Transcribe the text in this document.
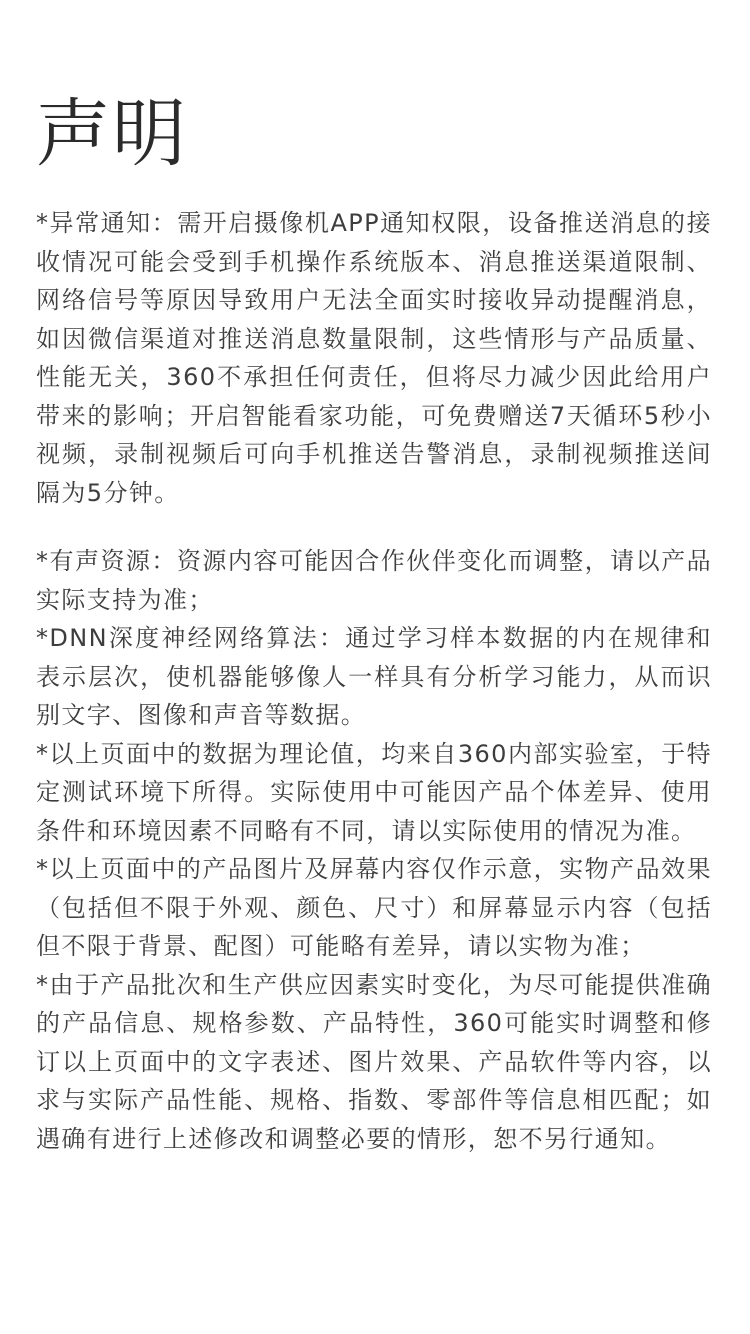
声明

*异常通知：需开启摄像机APP通知权限，设备推送消息的接收情况可能会受到手机操作系统版本、消息推送渠道限制、网络信号等原因导致用户无法全面实时接收异动提醒消息，如因微信渠道对推送消息数量限制，这些情形与产品质量、性能无关，360不承担任何责任，但将尽力减少因此给用户带来的影响；开启智能看家功能，可免费赠送7天循环5秒小视频，录制视频后可向手机推送告警消息，录制视频推送间隔为5分钟。

*有声资源：资源内容可能因合作伙伴变化而调整，请以产品实际支持为准；

*DNN深度神经网络算法：通过学习样本数据的内在规律和表示层次，使机器能够像人一样具有分析学习能力，从而识别文字、图像和声音等数据。

*以上页面中的数据为理论值，均来自360内部实验室，于特定测试环境下所得。实际使用中可能因产品个体差异、使用条件和环境因素不同略有不同，请以实际使用的情况为准。

*以上页面中的产品图片及屏幕内容仅作示意，实物产品效果（包括但不限于外观、颜色、尺寸）和屏幕显示内容（包括但不限于背景、配图）可能略有差异，请以实物为准；

*由于产品批次和生产供应因素实时变化，为尽可能提供准确的产品信息、规格参数、产品特性，360可能实时调整和修订以上页面中的文字表述、图片效果、产品软件等内容，以求与实际产品性能、规格、指数、零部件等信息相匹配；如遇确有进行上述修改和调整必要的情形，恕不另行通知。
